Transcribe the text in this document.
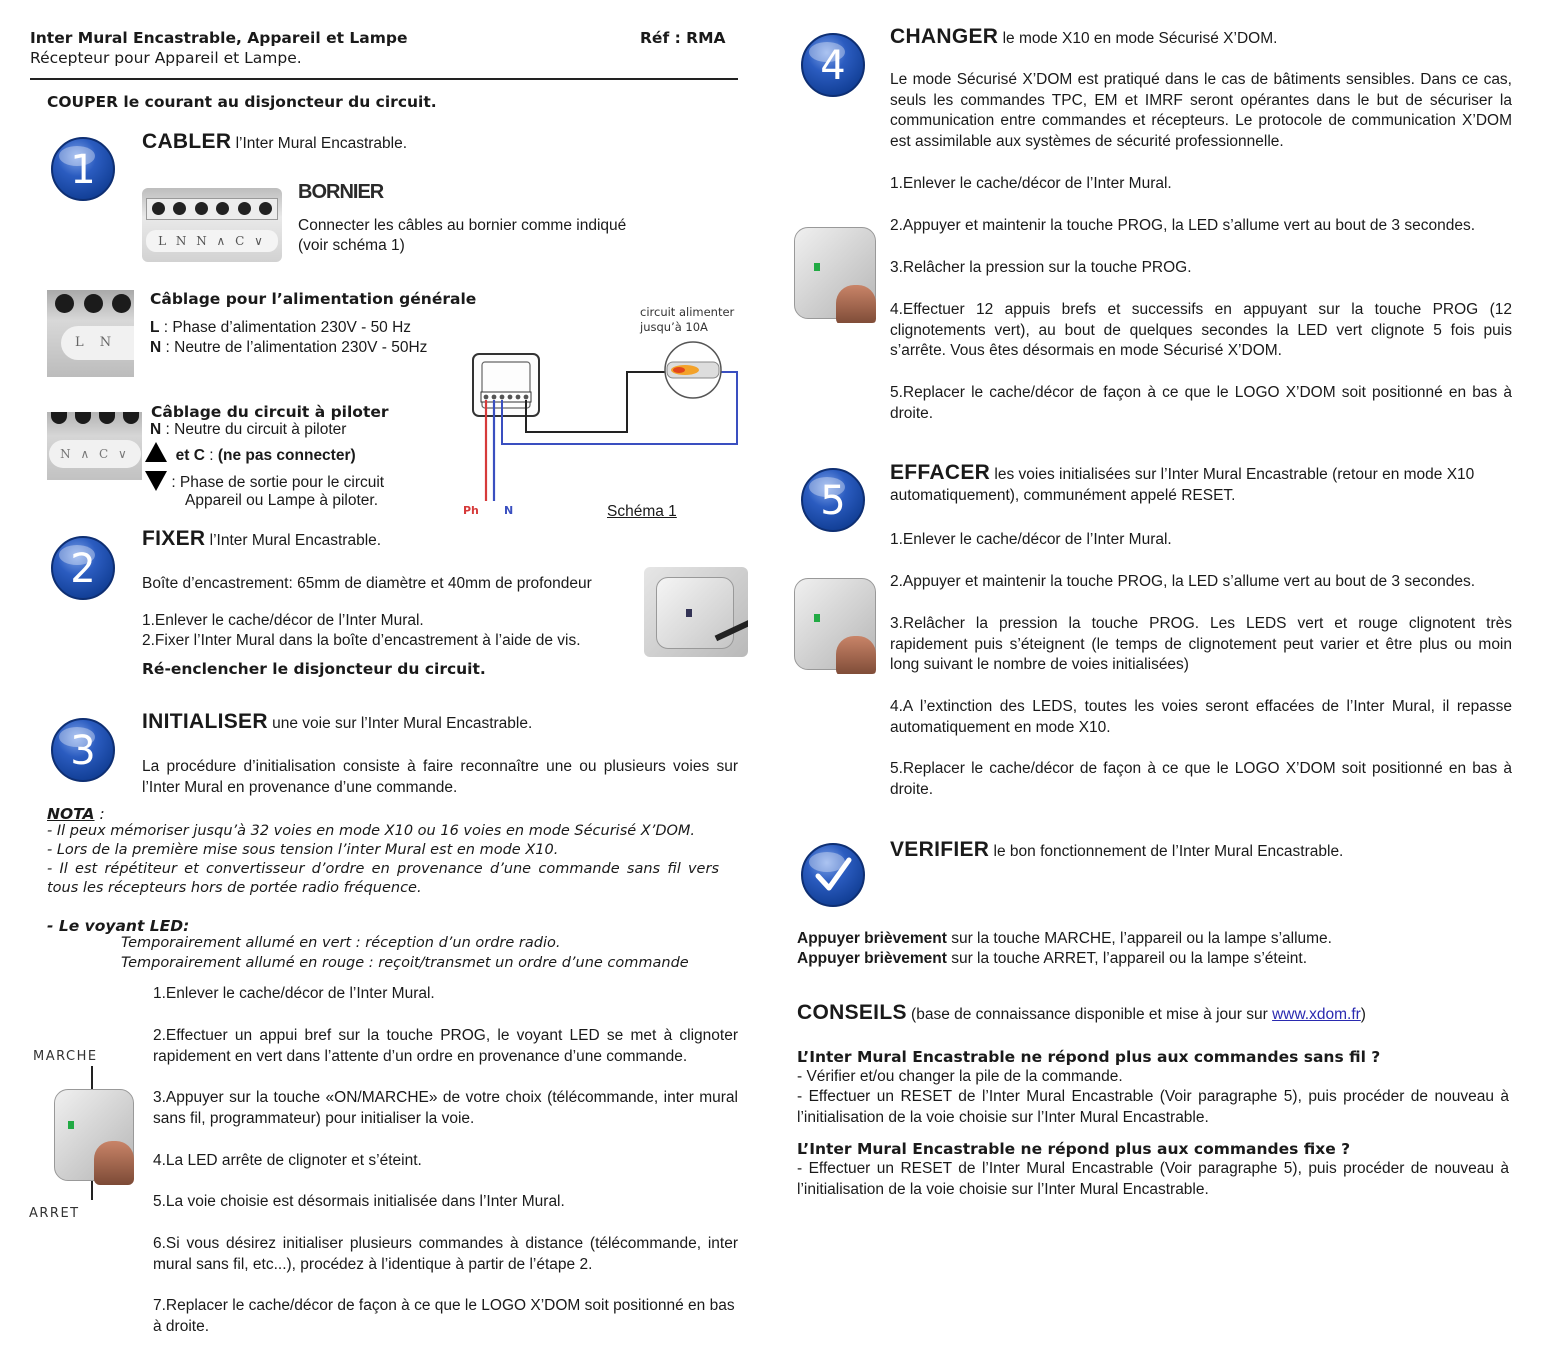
Inter Mural Encastrable, Appareil et Lampe	Réf : RMA
Récepteur pour Appareil et Lampe.
COUPER le courant au disjoncteur du circuit.
1
CABLER l’Inter Mural Encastrable.
L N N ∧ C ∨
BORNIER
Connecter les câbles au bornier comme indiqué
(voir schéma 1)
L N
Câblage pour l’alimentation générale
L : Phase d’alimentation 230V - 50 Hz
N : Neutre de l’alimentation 230V - 50Hz
N ∧ C ∨
Câblage du circuit à piloter
N : Neutre du circuit à piloter
et C : (ne pas connecter)
: Phase de sortie pour le circuit
Appareil ou Lampe à piloter.
circuit alimenter
jusqu’à 10A
Ph N	Schéma 1
2
FIXER l’Inter Mural Encastrable.
Boîte d’encastrement: 65mm de diamètre et 40mm de profondeur
1.Enlever le cache/décor de l’Inter Mural.
2.Fixer l’Inter Mural dans la boîte d’encastrement à l’aide de vis.
Ré-enclencher le disjoncteur du circuit.
3
INITIALISER une voie sur l’Inter Mural Encastrable.
La procédure d’initialisation consiste à faire reconnaître une ou plusieurs voies sur l’Inter Mural en provenance d’une commande.
NOTA :
- Il peux mémoriser jusqu’à 32 voies en mode X10 ou 16 voies en mode Sécurisé X’DOM.
- Lors de la première mise sous tension l’inter Mural est en mode X10.
- Il est répétiteur et convertisseur d’ordre en provenance d’une commande sans fil vers tous les récepteurs hors de portée radio fréquence.
- Le voyant LED:
Temporairement allumé en vert : réception d’un ordre radio.
Temporairement allumé en rouge : reçoit/transmet un ordre d’une commande
1.Enlever le cache/décor de l’Inter Mural.
2.Effectuer un appui bref sur la touche PROG, le voyant LED se met à clignoter rapidement en vert dans l’attente d’un ordre en provenance d’une commande.
3.Appuyer sur la touche «ON/MARCHE» de votre choix (télécommande, inter mural sans fil, programmateur) pour initialiser la voie.
4.La LED arrête de clignoter et s’éteint.
5.La voie choisie est désormais initialisée dans l’Inter Mural.
6.Si vous désirez initialiser plusieurs commandes à distance (télécommande, inter mural sans fil, etc...), procédez à l’identique à partir de l’étape 2.
7.Replacer le cache/décor de façon à ce que le LOGO X’DOM soit positionné en bas à droite.
MARCHE
ARRET
4
CHANGER le mode X10 en mode Sécurisé X’DOM.
Le mode Sécurisé X’DOM est pratiqué dans le cas de bâtiments sensibles. Dans ce cas, seuls les commandes TPC, EM et IMRF seront opérantes dans le but de sécuriser la communication entre commandes et récepteurs. Le protocole de communication X’DOM est assimilable aux systèmes de sécurité professionnelle.
1.Enlever le cache/décor de l’Inter Mural.
2.Appuyer et maintenir la touche PROG, la LED s’allume vert au bout de 3 secondes.
3.Relâcher la pression sur la touche PROG.
4.Effectuer 12 appuis brefs et successifs en appuyant sur la touche PROG (12 clignotements vert), au bout de quelques secondes la LED vert clignote 5 fois puis s’arrête. Vous êtes désormais en mode Sécurisé X’DOM.
5.Replacer le cache/décor de façon à ce que le LOGO X’DOM soit positionné en bas à droite.
5
EFFACER les voies initialisées sur l’Inter Mural Encastrable (retour en mode X10 automatiquement), communément appelé RESET.
1.Enlever le cache/décor de l’Inter Mural.
2.Appuyer et maintenir la touche PROG, la LED s’allume vert au bout de 3 secondes.
3.Relâcher la pression la touche PROG. Les LEDS vert et rouge clignotent très rapidement puis s’éteignent (le temps de clignotement peut varier et être plus ou moin long suivant le nombre de voies initialisées)
4.A l’extinction des LEDS, toutes les voies seront effacées de l’Inter Mural, il repasse automatiquement en mode X10.
5.Replacer le cache/décor de façon à ce que le LOGO X’DOM soit positionné en bas à droite.
VERIFIER le bon fonctionnement de l’Inter Mural Encastrable.
Appuyer brièvement sur la touche MARCHE, l’appareil ou la lampe s’allume.
Appuyer brièvement sur la touche ARRET, l’appareil ou la lampe s’éteint.
CONSEILS (base de connaissance disponible et mise à jour sur www.xdom.fr)
L’Inter Mural Encastrable ne répond plus aux commandes sans fil ?
- Vérifier et/ou changer la pile de la commande.
- Effectuer un RESET de l’Inter Mural Encastrable (Voir paragraphe 5), puis procéder de nouveau à l’initialisation de la voie choisie sur l’Inter Mural Encastrable.
L’Inter Mural Encastrable ne répond plus aux commandes fixe ?
- Effectuer un RESET de l’Inter Mural Encastrable (Voir paragraphe 5), puis procéder de nouveau à l’initialisation de la voie choisie sur l’Inter Mural Encastrable.
